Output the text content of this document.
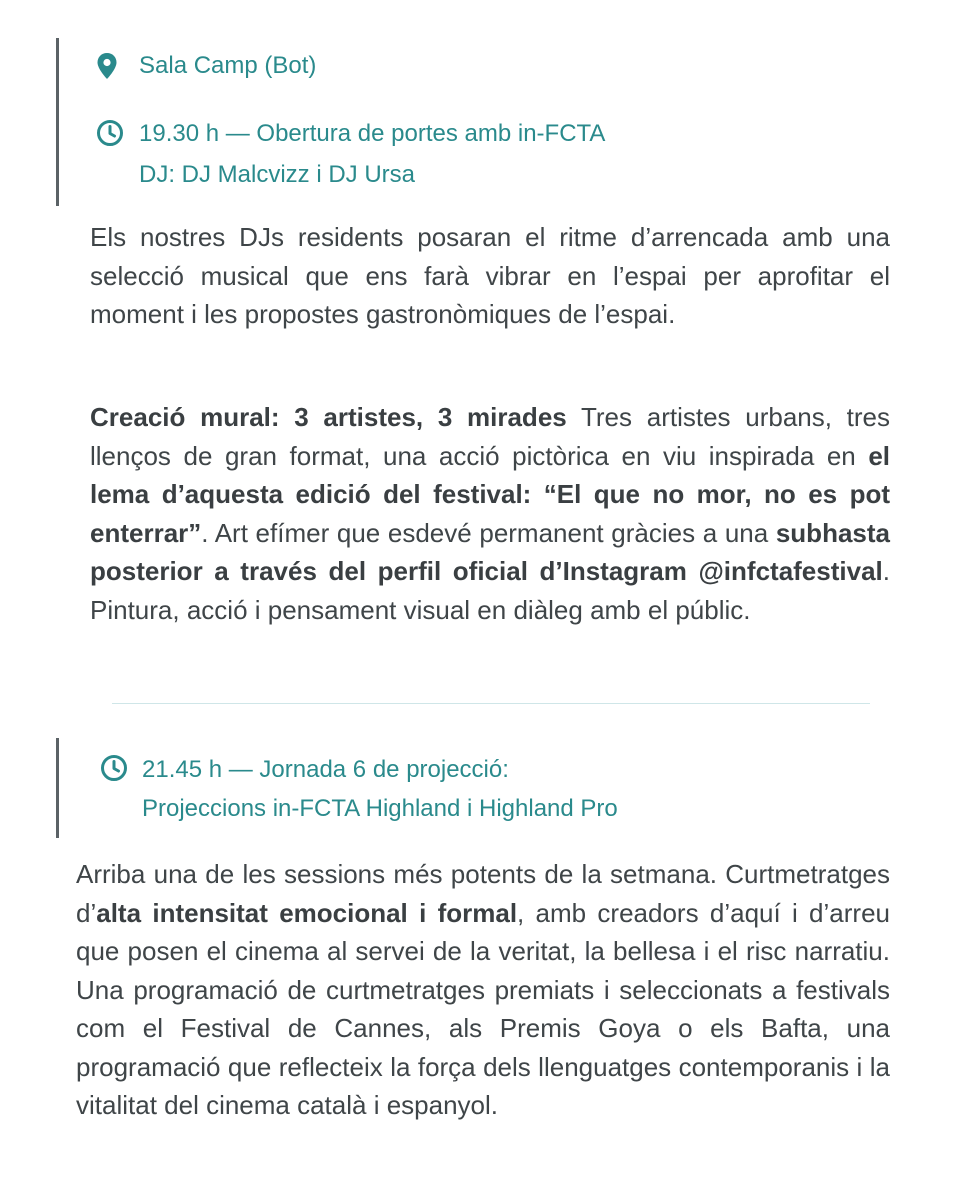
Sala Camp (Bot)
19.30 h — Obertura de portes amb in-FCTA
DJ: DJ Malcvizz i DJ Ursa
Els nostres DJs residents posaran el ritme d’arrencada amb una selecció musical que ens farà vibrar en l’espai per aprofitar el moment i les propostes gastronòmiques de l’espai.
Creació mural: 3 artistes, 3 mirades Tres artistes urbans, tres llenços de gran format, una acció pictòrica en viu inspirada en el lema d’aquesta edició del festival: “El que no mor, no es pot enterrar”. Art efímer que esdevé permanent gràcies a una subhasta posterior a través del perfil oficial d’Instagram @infctafestival. Pintura, acció i pensament visual en diàleg amb el públic.
21.45 h — Jornada 6 de projecció:
Projeccions in-FCTA Highland i Highland Pro
Arriba una de les sessions més potents de la setmana. Curtmetratges d’alta intensitat emocional i formal, amb creadors d’aquí i d’arreu que posen el cinema al servei de la veritat, la bellesa i el risc narratiu. Una programació de curtmetratges premiats i seleccionats a festivals com el Festival de Cannes, als Premis Goya o els Bafta, una programació que reflecteix la força dels llenguatges contemporanis i la vitalitat del cinema català i espanyol.
